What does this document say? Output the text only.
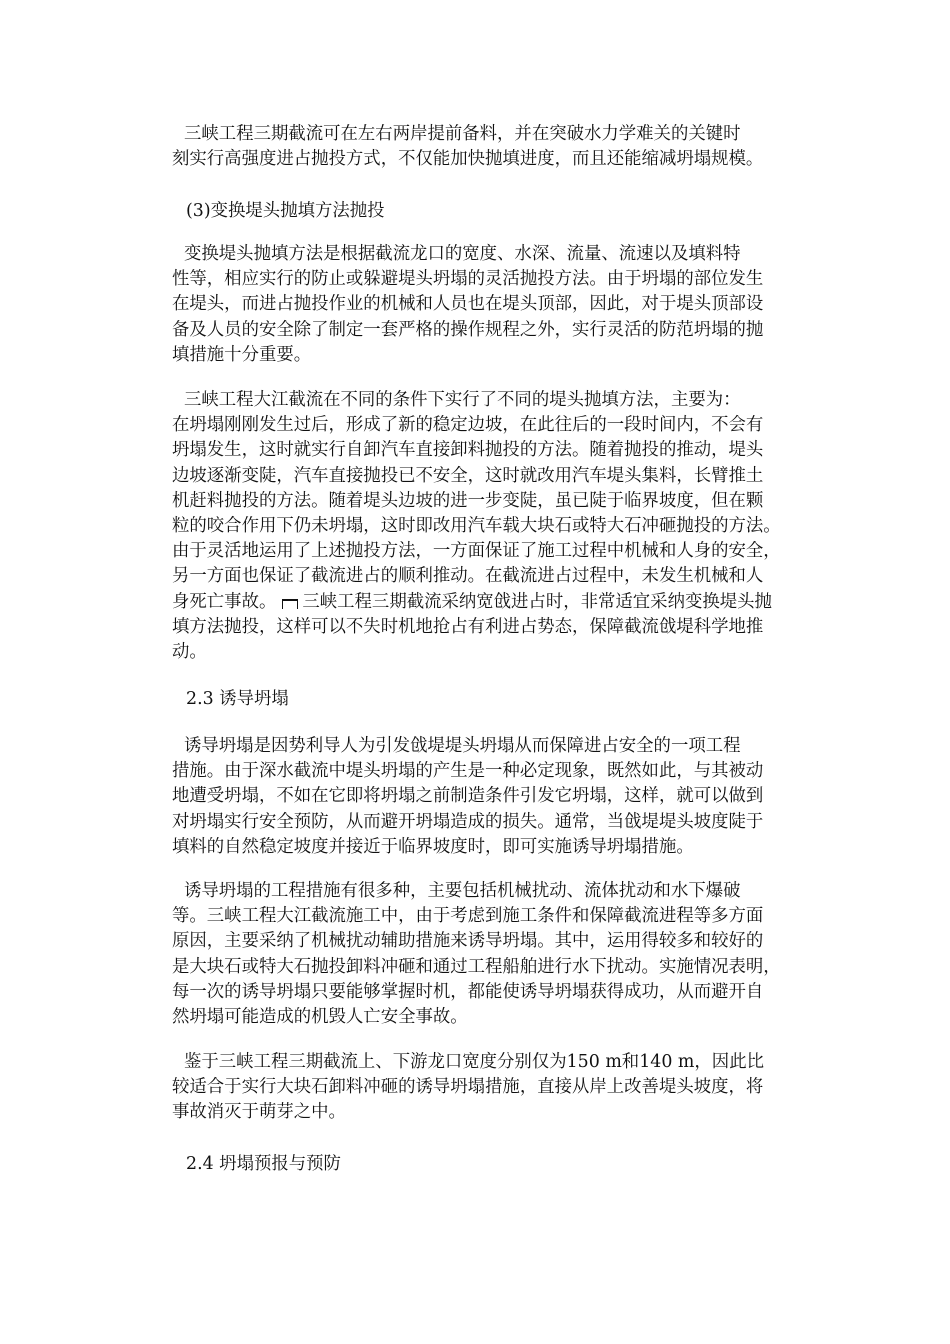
三峡工程三期截流可在左右两岸提前备料，并在突破水力学难关的关键时
刻实行高强度进占抛投方式，不仅能加快抛填进度，而且还能缩减坍塌规模。
(3)变换堤头抛填方法抛投
变换堤头抛填方法是根据截流龙口的宽度、水深、流量、流速以及填料特
性等，相应实行的防止或躲避堤头坍塌的灵活抛投方法。由于坍塌的部位发生
在堤头，而进占抛投作业的机械和人员也在堤头顶部，因此，对于堤头顶部设
备及人员的安全除了制定一套严格的操作规程之外，实行灵活的防范坍塌的抛
填措施十分重要。
三峡工程大江截流在不同的条件下实行了不同的堤头抛填方法，主要为：
在坍塌刚刚发生过后，形成了新的稳定边坡，在此往后的一段时间内，不会有
坍塌发生，这时就实行自卸汽车直接卸料抛投的方法。随着抛投的推动，堤头
边坡逐渐变陡，汽车直接抛投已不安全，这时就改用汽车堤头集料，长臂推土
机赶料抛投的方法。随着堤头边坡的进一步变陡，虽已陡于临界坡度，但在颗
粒的咬合作用下仍未坍塌，这时即改用汽车载大块石或特大石冲砸抛投的方法。
由于灵活地运用了上述抛投方法，一方面保证了施工过程中机械和人身的安全，
另一方面也保证了截流进占的顺利推动。在截流进占过程中，未发生机械和人
身死亡事故。 三峡工程三期截流采纳宽戗进占时，非常适宜采纳变换堤头抛
填方法抛投，这样可以不失时机地抢占有利进占势态，保障截流戗堤科学地推
动。
2.3 诱导坍塌
诱导坍塌是因势利导人为引发戗堤堤头坍塌从而保障进占安全的一项工程
措施。由于深水截流中堤头坍塌的产生是一种必定现象，既然如此，与其被动
地遭受坍塌，不如在它即将坍塌之前制造条件引发它坍塌，这样，就可以做到
对坍塌实行安全预防，从而避开坍塌造成的损失。通常，当戗堤堤头坡度陡于
填料的自然稳定坡度并接近于临界坡度时，即可实施诱导坍塌措施。
诱导坍塌的工程措施有很多种，主要包括机械扰动、流体扰动和水下爆破
等。三峡工程大江截流施工中，由于考虑到施工条件和保障截流进程等多方面
原因，主要采纳了机械扰动辅助措施来诱导坍塌。其中，运用得较多和较好的
是大块石或特大石抛投卸料冲砸和通过工程船舶进行水下扰动。实施情况表明，
每一次的诱导坍塌只要能够掌握时机，都能使诱导坍塌获得成功，从而避开自
然坍塌可能造成的机毁人亡安全事故。
鉴于三峡工程三期截流上、下游龙口宽度分别仅为150 m和140 m，因此比
较适合于实行大块石卸料冲砸的诱导坍塌措施，直接从岸上改善堤头坡度，将
事故消灭于萌芽之中。
2.4 坍塌预报与预防
